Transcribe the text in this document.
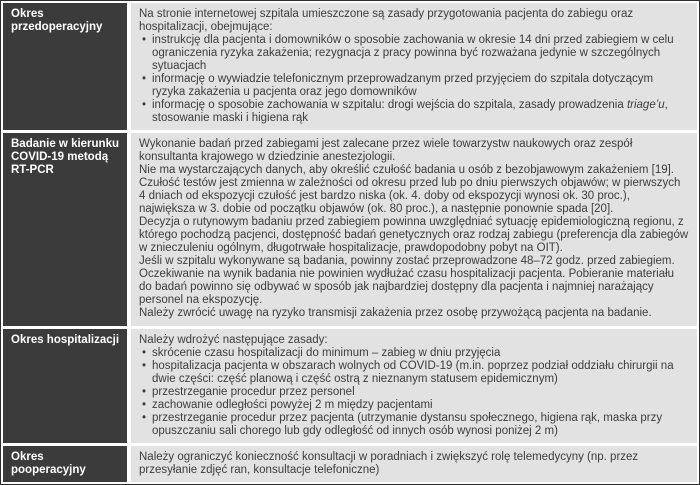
Okres przedoperacyjny
Na stronie internetowej szpitala umieszczone są zasady przygotowania pacjenta do zabiegu oraz hospitalizacji, obejmujące:
• instrukcję dla pacjenta i domowników o sposobie zachowania w okresie 14 dni przed zabiegiem w celu ograniczenia ryzyka zakażenia; rezygnacja z pracy powinna być rozważana jedynie w szczególnych sytuacjach
• informację o wywiadzie telefonicznym przeprowadzanym przed przyjęciem do szpitala dotyczącym ryzyka zakażenia u pacjenta oraz jego domowników
• informację o sposobie zachowania w szpitalu: drogi wejścia do szpitala, zasady prowadzenia triage’u, stosowanie maski i higiena rąk
Badanie w kierunku COVID-19 metodą RT-PCR
Wykonanie badań przed zabiegami jest zalecane przez wiele towarzystw naukowych oraz zespół konsultanta krajowego w dziedzinie anestezjologii.
Nie ma wystarczających danych, aby określić czułość badania u osób z bezobjawowym zakażeniem [19].
Czułość testów jest zmienna w zależności od okresu przed lub po dniu pierwszych objawów; w pierwszych 4 dniach od ekspozycji czułość jest bardzo niska (ok. 4. doby od ekspozycji wynosi ok. 30 proc.), największa w 3. dobie od początku objawów (ok. 80 proc.), a następnie ponownie spada [20].
Decyzja o rutynowym badaniu przed zabiegiem powinna uwzględniać sytuację epidemiologiczną regionu, z którego pochodzą pacjenci, dostępność badań genetycznych oraz rodzaj zabiegu (preferencja dla zabiegów w znieczuleniu ogólnym, długotrwałe hospitalizacje, prawdopodobny pobyt na OIT).
Jeśli w szpitalu wykonywane są badania, powinny zostać przeprowadzone 48–72 godz. przed zabiegiem.
Oczekiwanie na wynik badania nie powinien wydłużać czasu hospitalizacji pacjenta. Pobieranie materiału do badań powinno się odbywać w sposób jak najbardziej dostępny dla pacjenta i najmniej narażający personel na ekspozycję.
Należy zwrócić uwagę na ryzyko transmisji zakażenia przez osobę przywożącą pacjenta na badanie.
Okres hospitalizacji	Należy wdrożyć następujące zasady:
• skrócenie czasu hospitalizacji do minimum – zabieg w dniu przyjęcia
• hospitalizacja pacjenta w obszarach wolnych od COVID-19 (m.in. poprzez podział oddziału chirurgii na dwie części: część planową i część ostrą z nieznanym statusem epidemicznym)
• przestrzeganie procedur przez personel
• zachowanie odległości powyżej 2 m między pacjentami
• przestrzeganie procedur przez pacjenta (utrzymanie dystansu społecznego, higiena rąk, maska przy opuszczaniu sali chorego lub gdy odległość od innych osób wynosi poniżej 2 m)
Okres pooperacyjny
Należy ograniczyć konieczność konsultacji w poradniach i zwiększyć rolę telemedycyny (np. przez przesyłanie zdjęć ran, konsultacje telefoniczne)
